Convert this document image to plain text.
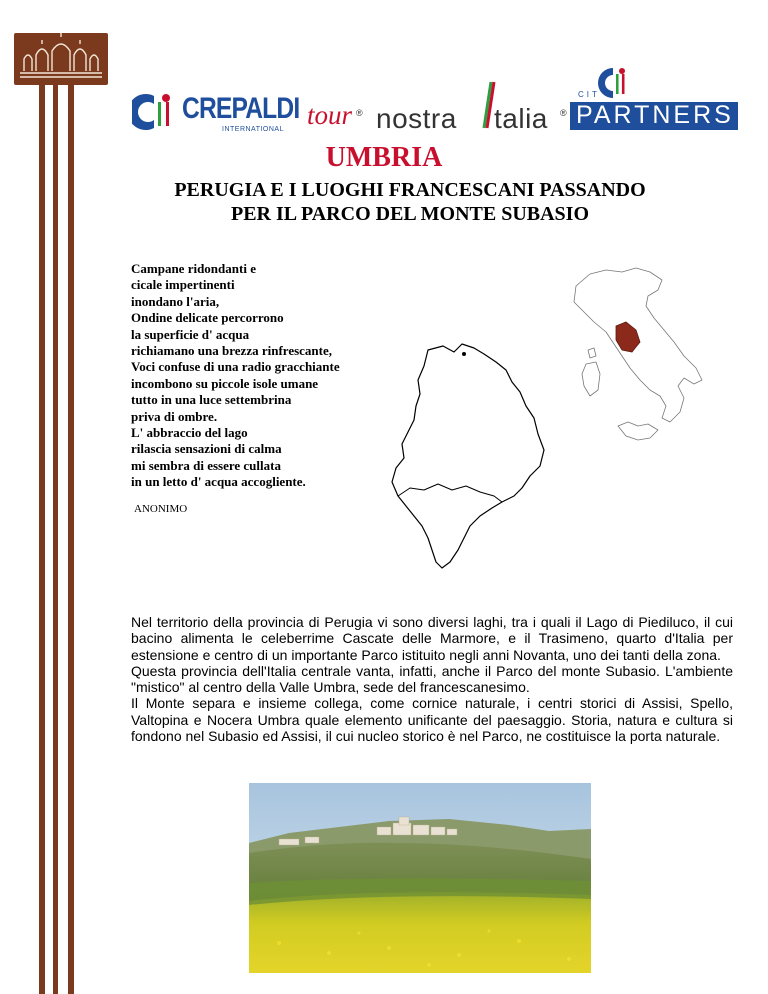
CREPALDI tour
INTERNATIONAL
® nostra talia ®
CIT
PARTNERS
UMBRIA
PERUGIA E I LUOGHI FRANCESCANI PASSANDO
PER IL PARCO DEL MONTE SUBASIO
Campane ridondanti e
cicale impertinenti
inondano l'aria,
Ondine delicate percorrono
la superficie d' acqua
richiamano una brezza rinfrescante,
Voci confuse di una radio gracchiante
incombono su piccole isole umane
tutto in una luce settembrina
priva di ombre.
L' abbraccio del lago
rilascia sensazioni di calma
mi sembra di essere cullata
in un letto d' acqua accogliente.
ANONIMO

Nel territorio della provincia di Perugia vi sono diversi laghi, tra i quali il Lago di Piediluco, il cui bacino alimenta le celeberrime Cascate delle Marmore, e il Trasimeno, quarto d'Italia per estensione e centro di un importante Parco istituito negli anni Novanta, uno dei tanti della zona.

Questa provincia dell'Italia centrale vanta, infatti, anche il Parco del monte Subasio. L'ambiente "mistico" al centro della Valle Umbra, sede del francescanesimo.

Il Monte separa e insieme collega, come cornice naturale, i centri storici di Assisi, Spello, Valtopina e Nocera Umbra quale elemento unificante del paesaggio. Storia, natura e cultura si fondono nel Subasio ed Assisi, il cui nucleo storico è nel Parco, ne costituisce la porta naturale.
